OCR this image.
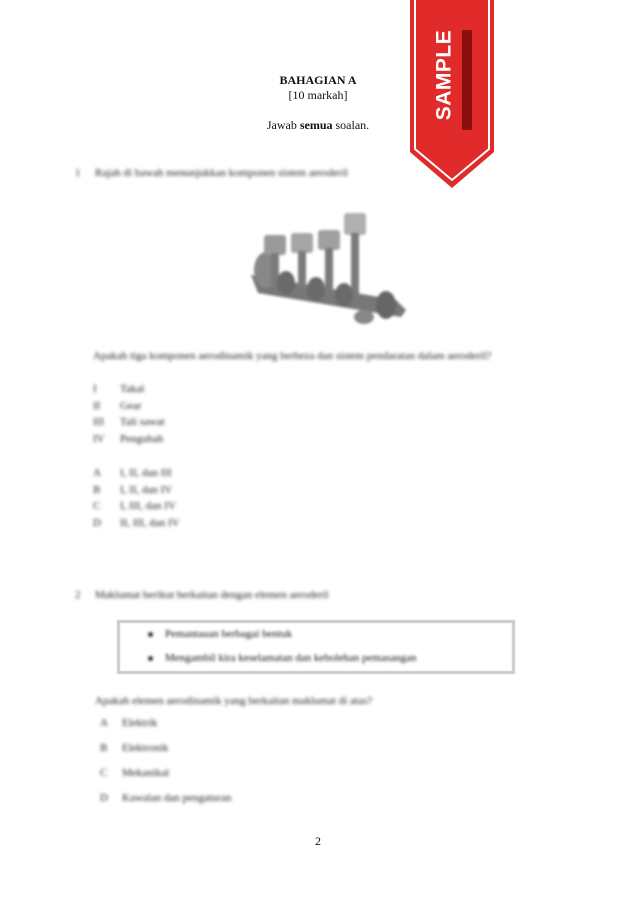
BAHAGIAN A
[10 markah]
Jawab semua soalan.
SAMPLE
1 Rajah di bawah menunjukkan komponen sistem aeroderil
Apakah tiga komponen aerodinamik yang berbeza dan sistem pendaratan dalam aeroderil?
I Takal
II Gear
III Tali sawat
IV Pengubah
A I, II, dan III
B I, II, dan IV
C I, III, dan IV
D II, III, dan IV
2 Maklumat berikut berkaitan dengan elemen aeroderil
Pemantauan berbagai bentuk
Mengambil kira keselamatan dan kebolehan pemasangan
Apakah elemen aerodinamik yang berkaitan maklumat di atas?
A Elektrik
B Elektronik
C Mekanikal
D Kawalan dan pengaturan
2
